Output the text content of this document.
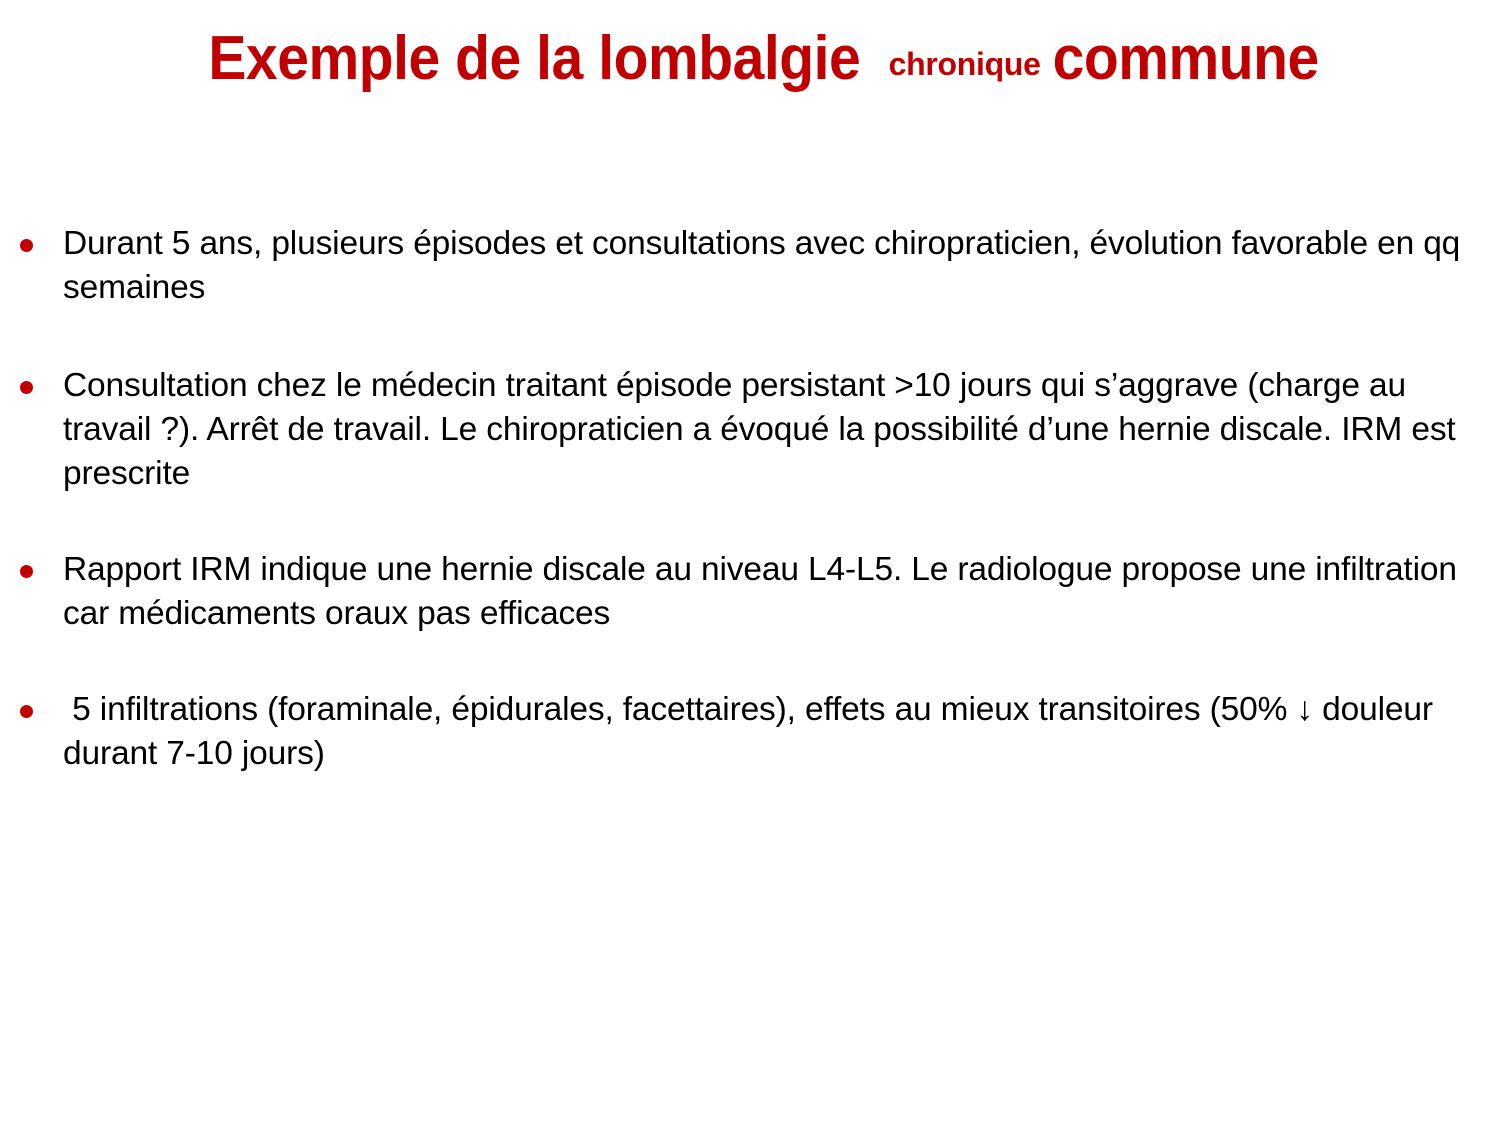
Exemple de la lombalgiechroniquecommune
Durant 5 ans, plusieurs épisodes et consultations avec chiropraticien, évolution favorable en qq semaines
Consultation chez le médecin traitant épisode persistant >10 jours qui s’aggrave (charge au travail ?). Arrêt de travail. Le chiropraticien a évoqué la possibilité d’une hernie discale. IRM est prescrite
Rapport IRM indique une hernie discale au niveau L4-L5. Le radiologue propose une infiltration car médicaments oraux pas efficaces
5 infiltrations (foraminale, épidurales, facettaires), effets au mieux transitoires (50% ↓ douleur durant 7-10 jours)
